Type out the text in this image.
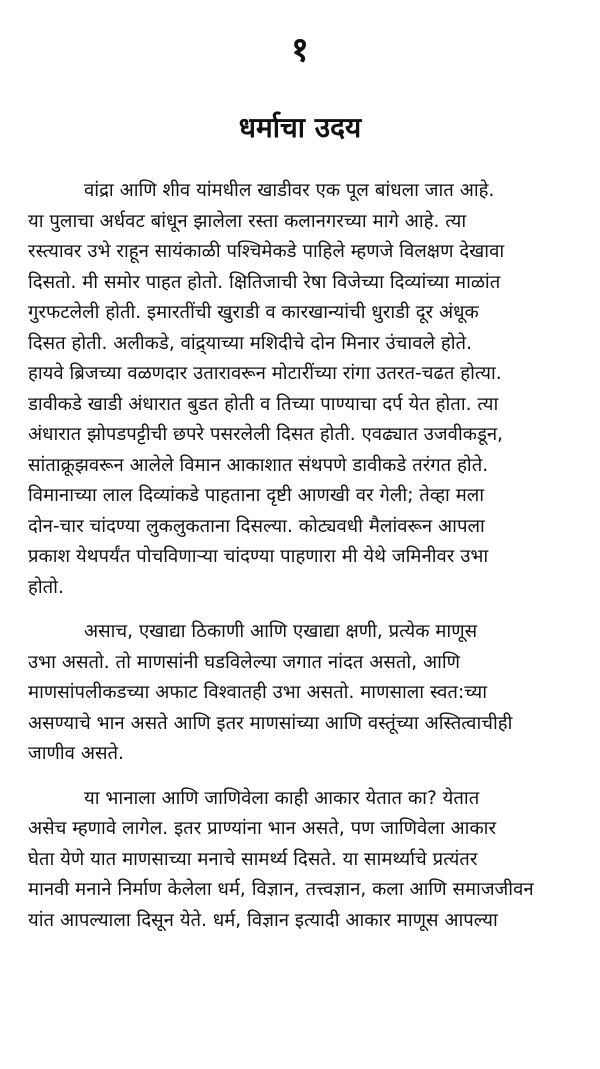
१
धर्माचा उदय

वांद्रा आणि शीव यांमधील खाडीवर एक पूल बांधला जात आहे.
या पुलाचा अर्धवट बांधून झालेला रस्ता कलानगरच्या मागे आहे. त्या
रस्त्यावर उभे राहून सायंकाळी पश्चिमेकडे पाहिले म्हणजे विलक्षण देखावा
दिसतो. मी समोर पाहत होतो. क्षितिजाची रेषा विजेच्या दिव्यांच्या माळांत
गुरफटलेली होती. इमारतींची खुराडी व कारखान्यांची धुराडी दूर अंधूक
दिसत होती. अलीकडे, वांद्र्याच्या मशिदीचे दोन मिनार उंचावले होते.
हायवे ब्रिजच्या वळणदार उतारावरून मोटारींच्या रांगा उतरत-चढत होत्या.
डावीकडे खाडी अंधारात बुडत होती व तिच्या पाण्याचा दर्प येत होता. त्या
अंधारात झोपडपट्टीची छपरे पसरलेली दिसत होती. एवढ्यात उजवीकडून,
सांताक्रूझवरून आलेले विमान आकाशात संथपणे डावीकडे तरंगत होते.
विमानाच्या लाल दिव्यांकडे पाहताना दृष्टी आणखी वर गेली; तेव्हा मला
दोन-चार चांदण्या लुकलुकताना दिसल्या. कोट्यवधी मैलांवरून आपला
प्रकाश येथपर्यंत पोचविणाऱ्या चांदण्या पाहणारा मी येथे जमिनीवर उभा
होतो.

असाच, एखाद्या ठिकाणी आणि एखाद्या क्षणी, प्रत्येक माणूस
उभा असतो. तो माणसांनी घडविलेल्या जगात नांदत असतो, आणि
माणसांपलीकडच्या अफाट विश्वातही उभा असतो. माणसाला स्वत:च्या
असण्याचे भान असते आणि इतर माणसांच्या आणि वस्तूंच्या अस्तित्वाचीही
जाणीव असते.

या भानाला आणि जाणिवेला काही आकार येतात का? येतात
असेच म्हणावे लागेल. इतर प्राण्यांना भान असते, पण जाणिवेला आकार
घेता येणे यात माणसाच्या मनाचे सामर्थ्य दिसते. या सामर्थ्याचे प्रत्यंतर
मानवी मनाने निर्माण केलेला धर्म, विज्ञान, तत्त्वज्ञान, कला आणि समाजजीवन
यांत आपल्याला दिसून येते. धर्म, विज्ञान इत्यादी आकार माणूस आपल्या
